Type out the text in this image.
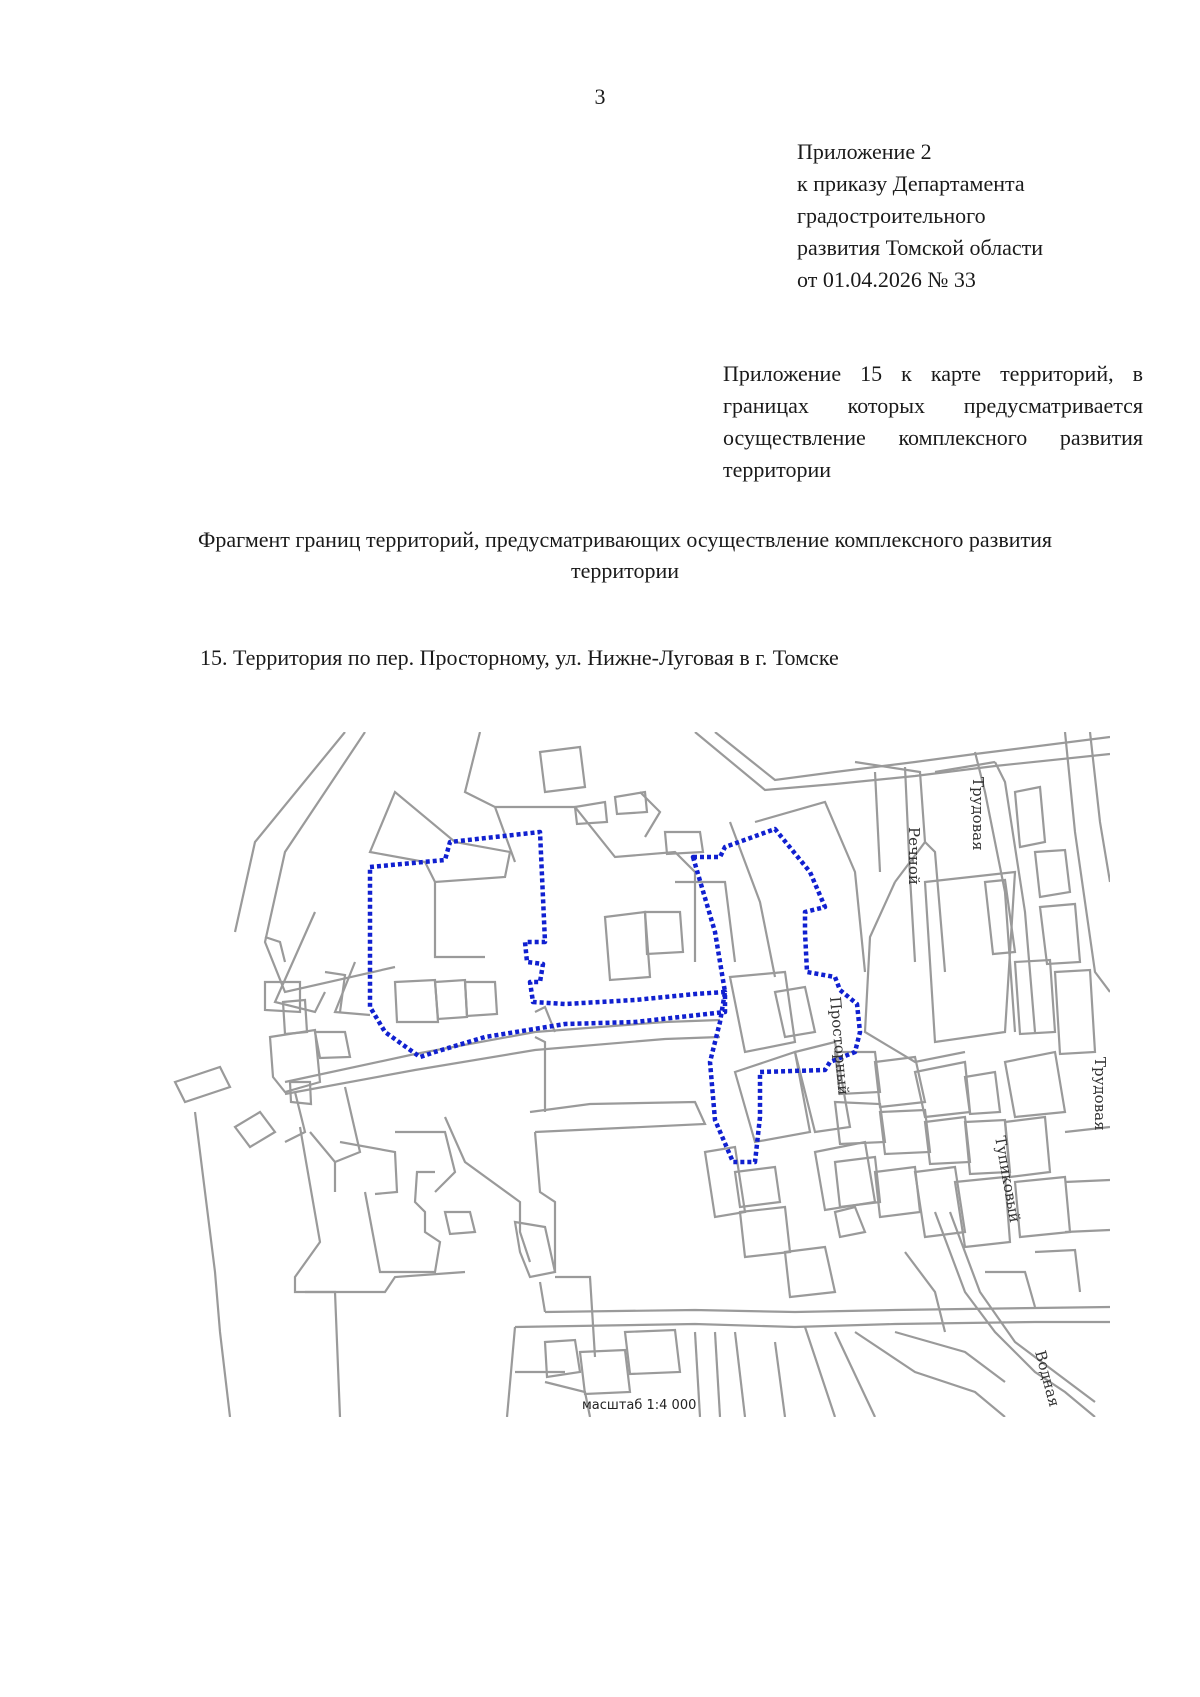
3
Приложение 2
к приказу Департамента
градостроительного
развития Томской области
от 01.04.2026 № 33
Приложение 15 к карте территорий, в
границах которых предусматривается
осуществление комплексного развития
территории
Фрагмент границ территорий, предусматривающих осуществление комплексного развития
территории
15. Территория по пер. Просторному, ул. Нижне-Луговая в г. Томске
Трудовая
Речной
Просторный	Трудовая
Тупиковый
Водная
масштаб 1:4 000
